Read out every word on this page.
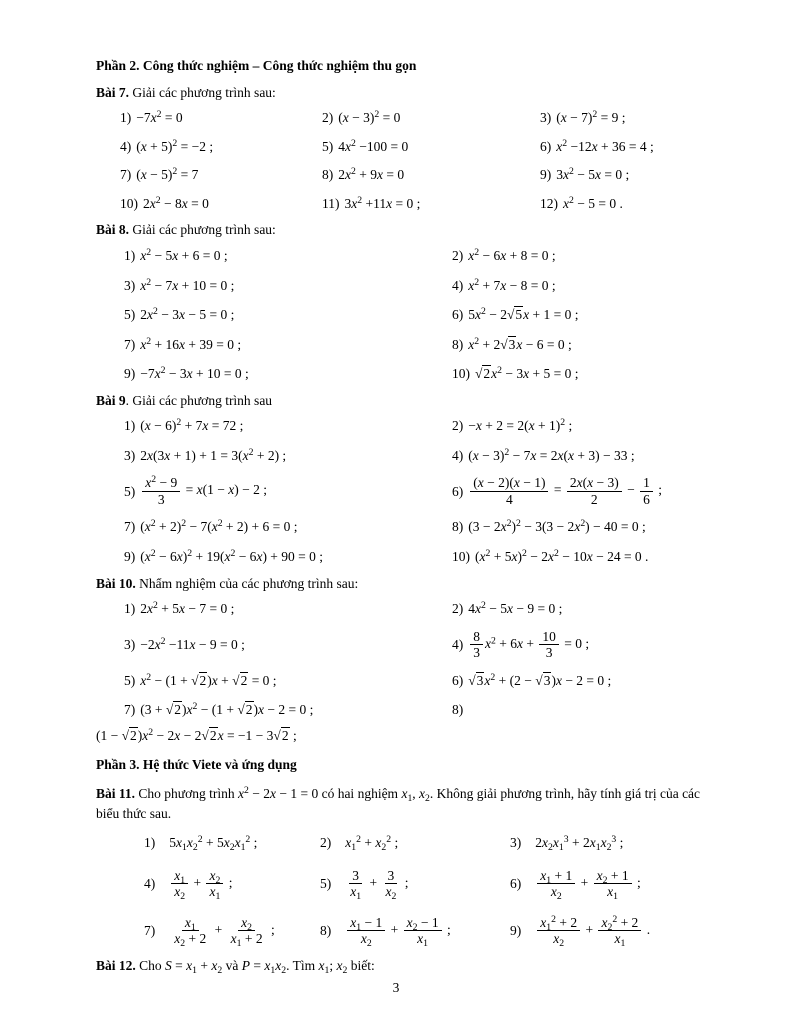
Phần 2. Công thức nghiệm – Công thức nghiệm thu gọn
Bài 7. Giải các phương trình sau:
$1) -7x^2 = 0$	2) $(x - 3)^2 = 0$	3) $(x - 7)^2 = 9$ ;
4) $(x + 5)^2 = -2$ ;	5) $4x^2 -100 = 0$	6) $x^2 -12x + 36 = 4$ ;
7) $(x - 5)^2 = 7$	8) $2x^2 + 9x = 0$	9) $3x^2 - 5x = 0$ ;
10) $2x^2 - 8x = 0$	11) $3x^2 +11x = 0$ ;	12) $x^2 - 5 = 0$ .
Bài 8. Giải các phương trình sau:
1) $x^2 - 5x + 6 = 0$ ;	2) $x^2 - 6x + 8 = 0$ ;
3) $x^2 - 7x + 10 = 0$ ;	4) $x^2 + 7x - 8 = 0$ ;
5) $2x^2 - 3x - 5 = 0$ ;	6) $5x^2 - 2√5x + 1 = 0$ ;
7) $x^2 + 16x + 39 = 0$ ;	8) $x^2 + 2√3x - 6 = 0$ ;
$9) -7x^2 - 3x + 10 = 0$ ;	10) $√2x^2 - 3x + 5 = 0$ ;
Bài 9. Giải các phương trình sau
1) $(x - 6)^2 + 7x = 72$ ;	$2) -x + 2 = 2(x + 1)^2$ ;
3) $2x(3x + 1) + 1 = 3(x^2 + 2)$ ;	4) $(x - 3)^2 - 7x = 2x(x + 3) - 33$ ;
$5) \frac{x^2 - 9}{3} = x(1 - x) - 2$ ;	$6) \frac{(x - 2)(x - 1)}{4} = \frac{2x(x - 3)}{2} - \frac{1}{6}$ ;
7) $(x^2 + 2)^2 - 7(x^2 + 2) + 6 = 0$ ;	8) $(3 - 2x^2)^2 - 3(3 - 2x^2) - 40 = 0$ ;
9) $(x^2 - 6x)^2 + 19(x^2 - 6x) + 90 = 0$ ;	10) $(x^2 + 5x)^2 - 2x^2 - 10x - 24 = 0$ .
Bài 10. Nhẩm nghiệm của các phương trình sau:
1) $2x^2 + 5x - 7 = 0$ ;	2) $4x^2 - 5x - 9 = 0$ ;
$3) -2x^2 -11x - 9 = 0$ ;	$4) \frac{8}{3} x^2 + 6x + \frac{10}{3} = 0$ ;
5) $x^2 - (1 + √2)x + √2 = 0$ ;	6) $√3x^2 + (2 - √3)x - 2 = 0$ ;
7) $(3 + √2)x^2 - (1 + √2)x - 2 = 0$ ;	8)
$(1 - √2)x^2 - 2x - 2√2x = -1 - 3√2$ ;
Phần 3. Hệ thức Viete và ứng dụng
Bài 11. Cho phương trình $x^2 - 2x - 1 = 0$ có hai nghiệm $x_1$, $x_2$. Không giải phương trình, hãy tính giá trị của các biểu thức sau.
1) $5x_1x_2^2 + 5x_2x_1^2$ ;	2) $x_1^2 + x_2^2$ ;	3) $2x_2x_1^3 + 2x_1x_2^3$ ;
$4) \frac{x_1}{x_2} + \frac{x_2}{x_1}$ ;	$5) \frac{3}{x_1} + \frac{3}{x_2}$ ;	$6) \frac{x_1 + 1}{x_2} + \frac{x_2 + 1}{x_1}$ ;
$7) \frac{x_1}{x_2 + 2} + \frac{x_2}{x_1 + 2}$ ;	$8) \frac{x_1 - 1}{x_2} + \frac{x_2 - 1}{x_1}$ ;	$9) \frac{x_1^2 + 2}{x_2} + \frac{x_2^2 + 2}{x_1}$ .
Bài 12. Cho $S = x_1 + x_2$ và $P = x_1x_2$. Tìm $x_1$; $x_2$ biết:
3
